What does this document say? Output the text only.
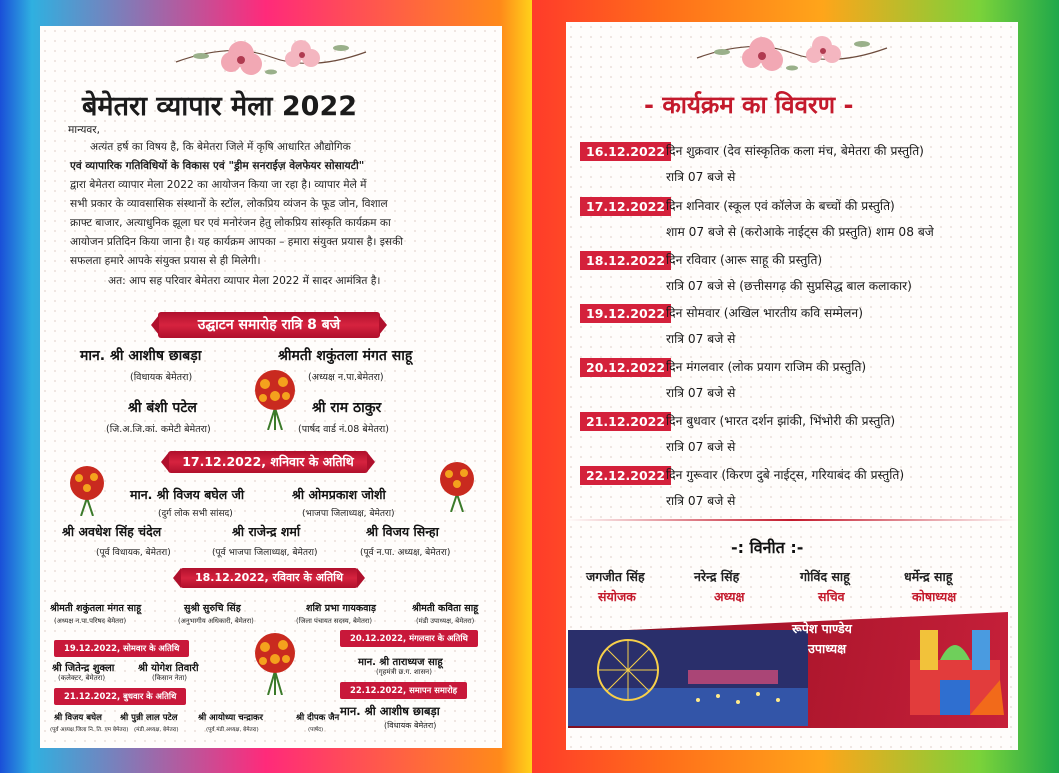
बेमेतरा व्यापार मेला 2022
मान्यवर,
अत्यंत हर्ष का विषय है, कि बेमेतरा जिले में कृषि आधारित औद्योगिक
एवं व्यापारिक गतिविधियों के विकास एवं "ड्रीम सनराईज़ वेलफेयर सोसायटी"
द्वारा बेमेतरा व्यापार मेला 2022 का आयोजन किया जा रहा है। व्यापार मेले में
सभी प्रकार के व्यावसासिक संस्थानों के स्टॉल, लोकप्रिय व्यंजन के फूड जोन, विशाल
क्राफ्ट बाजार, अत्याधुनिक झूला घर एवं मनोरंजन हेतु लोकप्रिय सांस्कृति कार्यक्रम का
आयोजन प्रतिदिन किया जाना है। यह कार्यक्रम आपका – हमारा संयुक्त प्रयास है। इसकी
सफलता हमारे आपके संयुक्त प्रयास से ही मिलेगी।
अत: आप सह परिवार बेमेतरा व्यापार मेला 2022 में सादर आमंत्रित है।
उद्घाटन समारोह रात्रि 8 बजे
मान. श्री आशीष छाबड़ा
(विधायक बेमेतरा)
श्रीमती शकुंतला मंगत साहू
(अध्यक्ष न.पा.बेमेतरा)
श्री बंशी पटेल
(जि.अ.जि.कां. कमेटी बेमेतरा)
श्री राम ठाकुर
(पार्षद वार्ड नं.08 बेमेतरा)
17.12.2022, शनिवार के अतिथि
मान. श्री विजय बघेल जी
(दुर्ग लोक सभी सांसद)
श्री ओमप्रकाश जोशी
(भाजपा जिलाध्यक्ष, बेमेतरा)
श्री अवधेश सिंह चंदेल
(पूर्व विधायक, बेमेतरा)
श्री राजेन्द्र शर्मा
(पूर्व भाजपा जिलाध्यक्ष, बेमेतरा)
श्री विजय सिन्हा
(पूर्व न.पा. अध्यक्ष, बेमेतरा)
18.12.2022, रविवार के अतिथि
श्रीमती शकुंतला मंगत साहू
(अध्यक्ष न.पा.परिषद बेमेतरा)
सुश्री सुरुचि सिंह
(अनुभागीय अधिकारी, बेमेतरा)
शशि प्रभा गायकवाड़
(जिला पंचायत सदस्य, बेमेतरा)
श्रीमती कविता साहू
(मंडी उपाध्यक्ष, बेमेतरा)
19.12.2022, सोमवार के अतिथि
श्री जितेन्द्र शुक्ला
(कलेक्टर, बेमेतरा)
श्री योगेश तिवारी
(किसान नेता)
20.12.2022, मंगलवार के अतिथि
मान. श्री ताराध्यज साहू
(गृहमंत्री छ.ग. शासन)
21.12.2022, बुधवार के अतिथि
22.12.2022, समापन समारोह
मान. श्री आशीष छाबड़ा
(विधायक बेमेतरा)
श्री विजय बघेल
(पूर्व अध्यक्ष जिला नि. ति. एम बेमेतरा)
श्री पुन्नी लाल पटेल
(मंडी अध्यक्ष, बेमेतरा)
श्री आयोध्या चन्द्राकर
(पूर्व मंडी अध्यक्ष, बेमेतरा)
श्री दीपक जैन
(पार्षद)
- कार्यक्रम का विवरण -
16.12.2022 दिन शुक्रवार (देव सांस्कृतिक कला मंच, बेमेतरा की प्रस्तुति)
रात्रि 07 बजे से
17.12.2022 दिन शनिवार (स्कूल एवं कॉलेज के बच्चों की प्रस्तुति)
शाम 07 बजे से (करोआके नाईट्स की प्रस्तुति) शाम 08 बजे
18.12.2022 दिन रविवार (आरू साहू की प्रस्तुति)
रात्रि 07 बजे से (छत्तीसगढ़ की सुप्रसिद्ध बाल कलाकार)
19.12.2022 दिन सोमवार (अखिल भारतीय कवि सम्मेलन)
रात्रि 07 बजे से
20.12.2022 दिन मंगलवार (लोक प्रयाग राजिम की प्रस्तुति)
रात्रि 07 बजे से
21.12.2022 दिन बुधवार (भारत दर्शन झांकी, भिंभोरी की प्रस्तुति)
रात्रि 07 बजे से
22.12.2022 दिन गुरूवार (किरण दुबे नाईट्स, गरियाबंद की प्रस्तुति)
रात्रि 07 बजे से
-: विनीत :-
जगजीत सिंह
संयोजक
नरेन्द्र सिंह
अध्यक्ष
गोविंद साहू
सचिव
धर्मेन्द्र साहू
कोषाध्यक्ष
रूपेश पाण्डेय
उपाध्यक्ष
